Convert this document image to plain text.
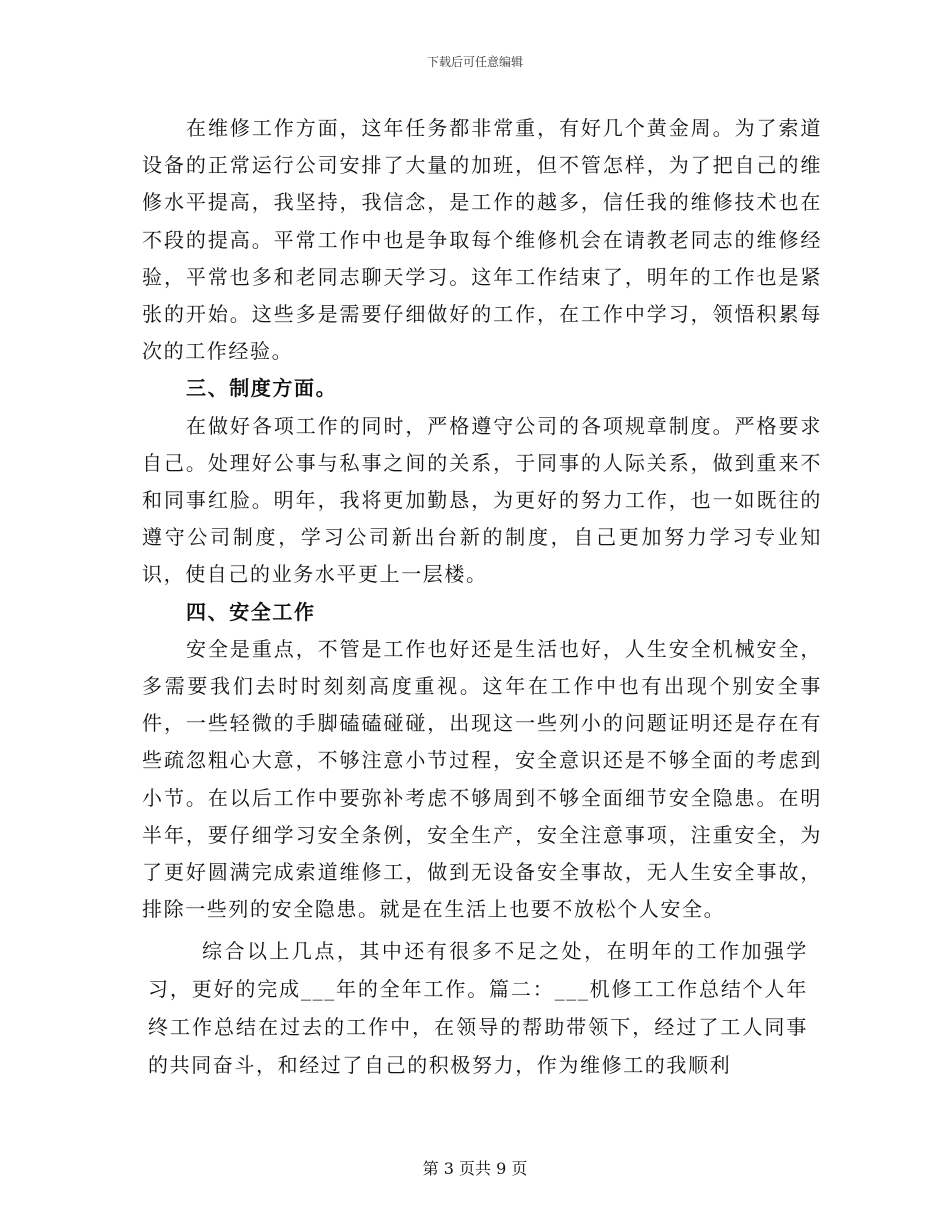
下载后可任意编辑

在维修工作方面，这年任务都非常重，有好几个黄金周。为了索道设备的正常运行公司安排了大量的加班，但不管怎样，为了把自己的维修水平提高，我坚持，我信念，是工作的越多，信任我的维修技术也在不段的提高。平常工作中也是争取每个维修机会在请教老同志的维修经验，平常也多和老同志聊天学习。这年工作结束了，明年的工作也是紧张的开始。这些多是需要仔细做好的工作，在工作中学习，领悟积累每次的工作经验。

三、制度方面。

在做好各项工作的同时，严格遵守公司的各项规章制度。严格要求自己。处理好公事与私事之间的关系，于同事的人际关系，做到重来不和同事红脸。明年，我将更加勤恳，为更好的努力工作，也一如既往的遵守公司制度，学习公司新出台新的制度，自己更加努力学习专业知识，使自己的业务水平更上一层楼。

四、安全工作

安全是重点，不管是工作也好还是生活也好，人生安全机械安全，多需要我们去时时刻刻高度重视。这年在工作中也有出现个别安全事件，一些轻微的手脚磕磕碰碰，出现这一些列小的问题证明还是存在有些疏忽粗心大意，不够注意小节过程，安全意识还是不够全面的考虑到小节。在以后工作中要弥补考虑不够周到不够全面细节安全隐患。在明半年，要仔细学习安全条例，安全生产，安全注意事项，注重安全，为了更好圆满完成索道维修工，做到无设备安全事故，无人生安全事故，排除一些列的安全隐患。就是在生活上也要不放松个人安全。

综合以上几点，其中还有很多不足之处，在明年的工作加强学习，更好的完成___年的全年工作。篇二：___机修工工作总结个人年终工作总结在过去的工作中，在领导的帮助带领下，经过了工人同事的共同奋斗，和经过了自己的积极努力，作为维修工的我顺利

第 3 页共 9 页
